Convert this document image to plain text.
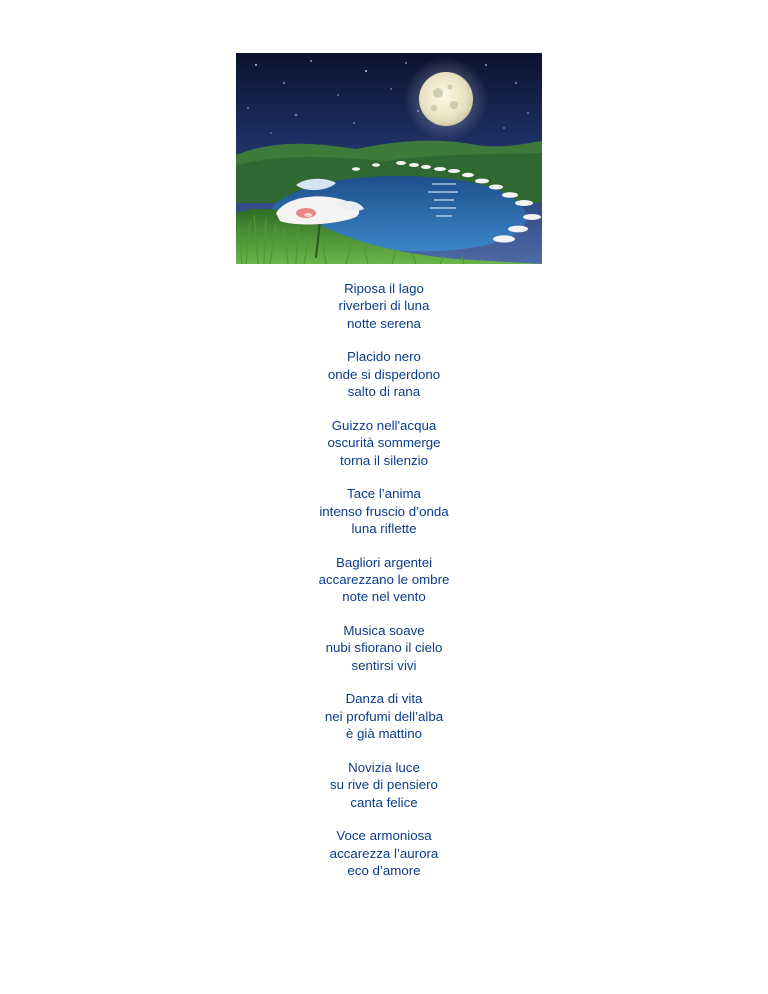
Riposa il lago
riverberi di luna
notte serena
Placido nero
onde si disperdono
salto di rana
Guizzo nell'acqua
oscurità sommerge
torna il silenzio
Tace l’anima
intenso fruscio d’onda
luna riflette
Bagliori argentei
accarezzano le ombre
note nel vento
Musica soave
nubi sfiorano il cielo
sentirsi vivi
Danza di vita
nei profumi dell’alba
è già mattino
Novizia luce
su rive di pensiero
canta felice
Voce armoniosa
accarezza l’aurora
eco d’amore
